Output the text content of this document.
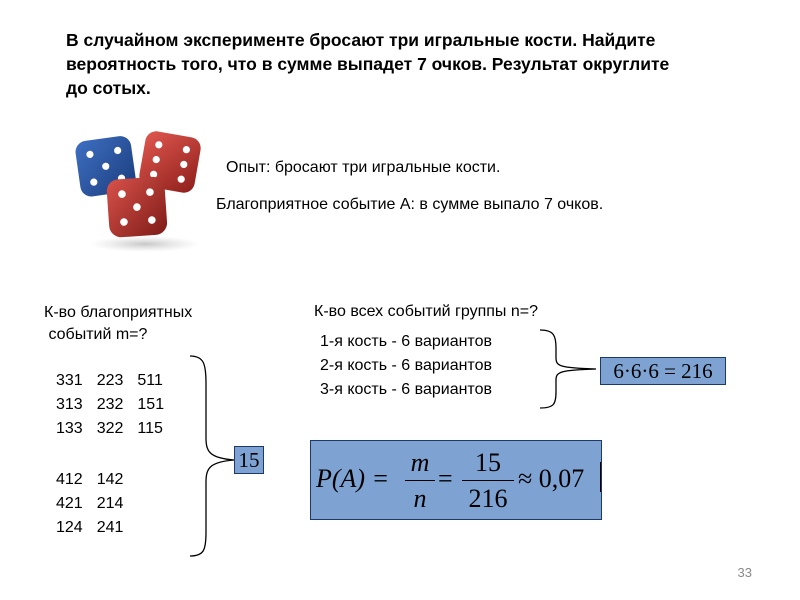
В случайном эксперименте бросают три игральные кости. Найдите
вероятность того, что в сумме выпадет 7 очков. Результат округлите
до сотых.
Опыт: бросают три игральные кости.
Благоприятное событие А: в сумме выпало 7 очков.
К-во благоприятных
событий m=?
331	223	511
313	232	151
133	322	115
412	142
421	214
124	241
15
К-во всех событий группы n=?
1-я кость - 6 вариантов
2-я кость - 6 вариантов
3-я кость - 6 вариантов
6·6·6 = 216
P(A) =
m
n
=
15
216
≈ 0,07
33
